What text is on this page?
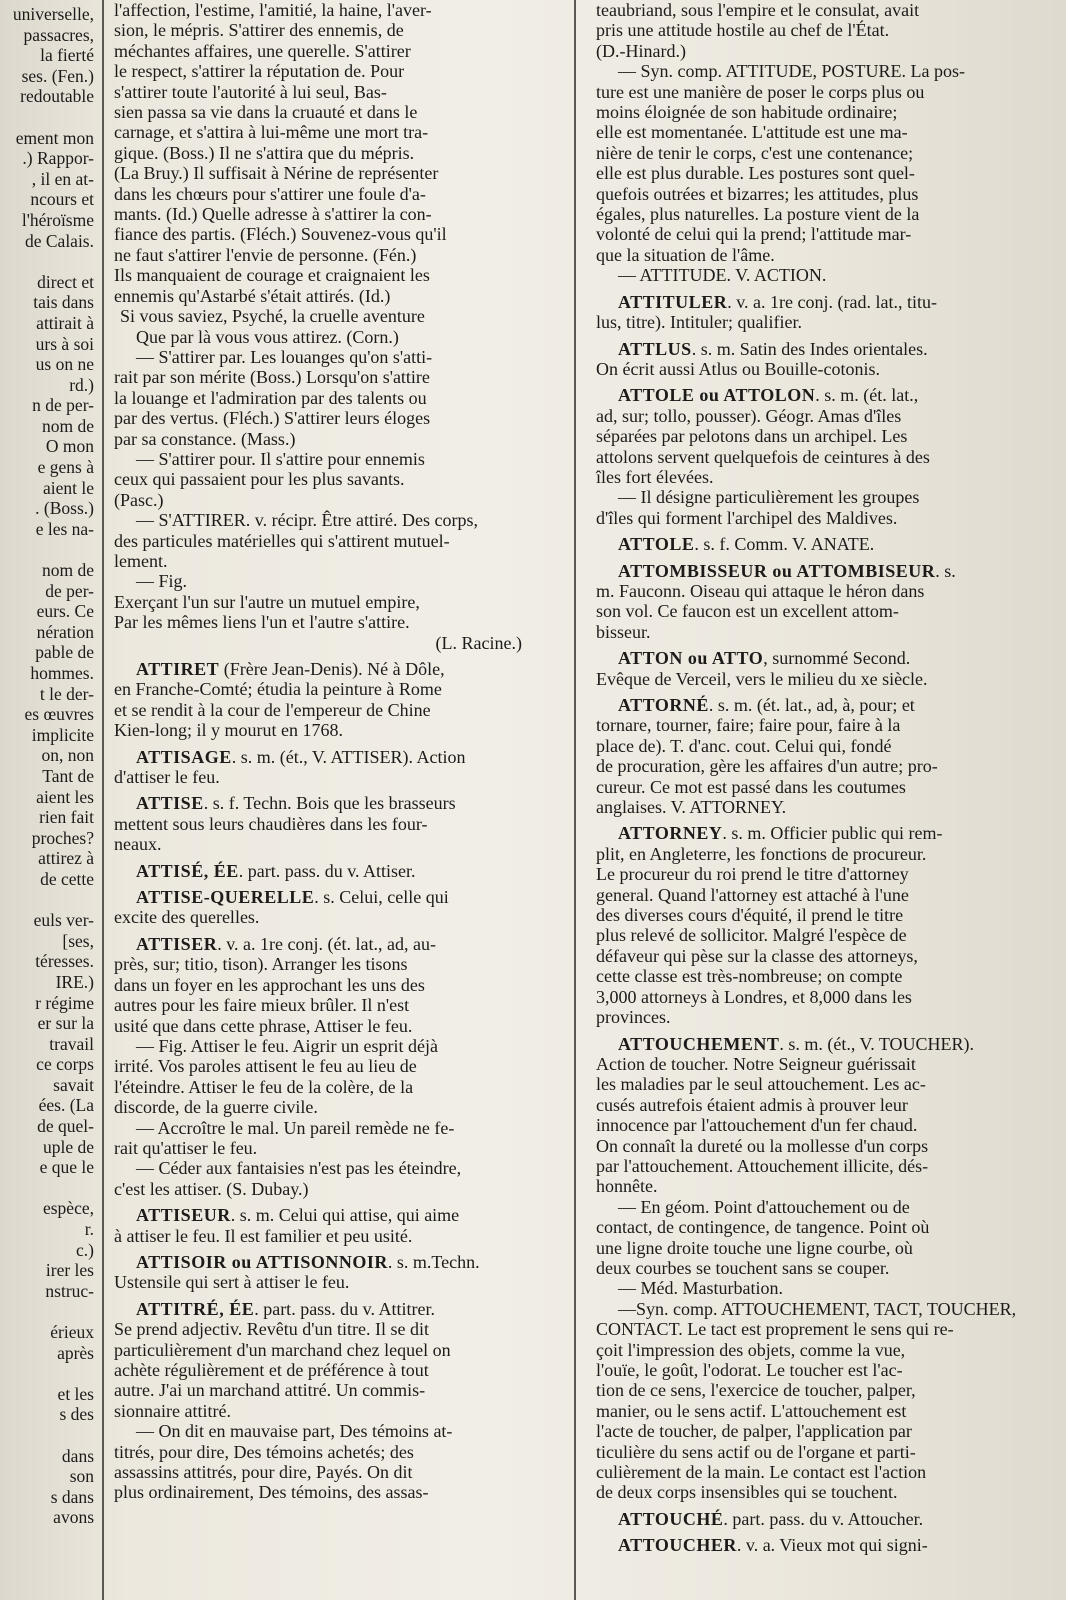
universelle,
passacres,
la fierté
ses. (Fen.)
redoutable

ement mon
.) Rappor-
, il en at-
ncours et
l'héroïsme
de Calais.

direct et
tais dans
attirait à
urs à soi
us on ne
rd.)
n de per-
nom de
O mon
e gens à
aient le
. (Boss.)
e les na-

nom de
de per-
eurs. Ce
nération
pable de
hommes.
t le der-
es œuvres
implicite
on, non
Tant de
aient les
rien fait
proches?
attirez à
de cette

euls ver-
[ses,
téresses.
IRE.)
r régime
er sur la
travail
ce corps
savait
ées. (La
de quel-
uple de
e que le

espèce,
r.
c.)
irer les
nstruc-

érieux
après

et les
s des

dans
son
s dans
avons
l'affection, l'estime, l'amitié, la haine, l'aver-
sion, le mépris. S'attirer des ennemis, de
méchantes affaires, une querelle. S'attirer
le respect, s'attirer la réputation de. Pour
s'attirer toute l'autorité à lui seul, Bas-
sien passa sa vie dans la cruauté et dans le
carnage, et s'attira à lui-même une mort tra-
gique. (Boss.) Il ne s'attira que du mépris.
(La Bruy.) Il suffisait à Nérine de représenter
dans les chœurs pour s'attirer une foule d'a-
mants. (Id.) Quelle adresse à s'attirer la con-
fiance des partis. (Fléch.) Souvenez-vous qu'il
ne faut s'attirer l'envie de personne. (Fén.)
Ils manquaient de courage et craignaient les
ennemis qu'Astarbé s'était attirés. (Id.)
Si vous saviez, Psyché, la cruelle aventure
Que par là vous vous attirez. (Corn.)
— S'attirer par. Les louanges qu'on s'atti-
rait par son mérite (Boss.) Lorsqu'on s'attire
la louange et l'admiration par des talents ou
par des vertus. (Fléch.) S'attirer leurs éloges
par sa constance. (Mass.)
— S'attirer pour. Il s'attire pour ennemis
ceux qui passaient pour les plus savants.
(Pasc.)
— S'ATTIRER. v. récipr. Être attiré. Des corps,
des particules matérielles qui s'attirent mutuel-
lement.
— Fig.
Exerçant l'un sur l'autre un mutuel empire,
Par les mêmes liens l'un et l'autre s'attire.
(L. Racine.)
ATTIRET (Frère Jean-Denis). Né à Dôle,
en Franche-Comté; étudia la peinture à Rome
et se rendit à la cour de l'empereur de Chine
Kien-long; il y mourut en 1768.
ATTISAGE. s. m. (ét., V. ATTISER). Action
d'attiser le feu.
ATTISE. s. f. Techn. Bois que les brasseurs
mettent sous leurs chaudières dans les four-
neaux.
ATTISÉ, ÉE. part. pass. du v. Attiser.
ATTISE-QUERELLE. s. Celui, celle qui
excite des querelles.
ATTISER. v. a. 1re conj. (ét. lat., ad, au-
près, sur; titio, tison). Arranger les tisons
dans un foyer en les approchant les uns des
autres pour les faire mieux brûler. Il n'est
usité que dans cette phrase, Attiser le feu.
— Fig. Attiser le feu. Aigrir un esprit déjà
irrité. Vos paroles attisent le feu au lieu de
l'éteindre. Attiser le feu de la colère, de la
discorde, de la guerre civile.
— Accroître le mal. Un pareil remède ne fe-
rait qu'attiser le feu.
— Céder aux fantaisies n'est pas les éteindre,
c'est les attiser. (S. Dubay.)
ATTISEUR. s. m. Celui qui attise, qui aime
à attiser le feu. Il est familier et peu usité.
ATTISOIR ou ATTISONNOIR. s. m.Techn.
Ustensile qui sert à attiser le feu.
ATTITRÉ, ÉE. part. pass. du v. Attitrer.
Se prend adjectiv. Revêtu d'un titre. Il se dit
particulièrement d'un marchand chez lequel on
achète régulièrement et de préférence à tout
autre. J'ai un marchand attitré. Un commis-
sionnaire attitré.
— On dit en mauvaise part, Des témoins at-
titrés, pour dire, Des témoins achetés; des
assassins attitrés, pour dire, Payés. On dit
plus ordinairement, Des témoins, des assas-
teaubriand, sous l'empire et le consulat, avait
pris une attitude hostile au chef de l'État.
(D.-Hinard.)
— Syn. comp. ATTITUDE, POSTURE. La pos-
ture est une manière de poser le corps plus ou
moins éloignée de son habitude ordinaire;
elle est momentanée. L'attitude est une ma-
nière de tenir le corps, c'est une contenance;
elle est plus durable. Les postures sont quel-
quefois outrées et bizarres; les attitudes, plus
égales, plus naturelles. La posture vient de la
volonté de celui qui la prend; l'attitude mar-
que la situation de l'âme.
— ATTITUDE. V. ACTION.
ATTITULER. v. a. 1re conj. (rad. lat., titu-
lus, titre). Intituler; qualifier.
ATTLUS. s. m. Satin des Indes orientales.
On écrit aussi Atlus ou Bouille-cotonis.
ATTOLE ou ATTOLON. s. m. (ét. lat.,
ad, sur; tollo, pousser). Géogr. Amas d'îles
séparées par pelotons dans un archipel. Les
attolons servent quelquefois de ceintures à des
îles fort élevées.
— Il désigne particulièrement les groupes
d'îles qui forment l'archipel des Maldives.
ATTOLE. s. f. Comm. V. ANATE.
ATTOMBISSEUR ou ATTOMBISEUR. s.
m. Fauconn. Oiseau qui attaque le héron dans
son vol. Ce faucon est un excellent attom-
bisseur.
ATTON ou ATTO, surnommé Second.
Evêque de Verceil, vers le milieu du xe siècle.
ATTORNÉ. s. m. (ét. lat., ad, à, pour; et
tornare, tourner, faire; faire pour, faire à la
place de). T. d'anc. cout. Celui qui, fondé
de procuration, gère les affaires d'un autre; pro-
cureur. Ce mot est passé dans les coutumes
anglaises. V. ATTORNEY.
ATTORNEY. s. m. Officier public qui rem-
plit, en Angleterre, les fonctions de procureur.
Le procureur du roi prend le titre d'attorney
general. Quand l'attorney est attaché à l'une
des diverses cours d'équité, il prend le titre
plus relevé de sollicitor. Malgré l'espèce de
défaveur qui pèse sur la classe des attorneys,
cette classe est très-nombreuse; on compte
3,000 attorneys à Londres, et 8,000 dans les
provinces.
ATTOUCHEMENT. s. m. (ét., V. TOUCHER).
Action de toucher. Notre Seigneur guérissait
les maladies par le seul attouchement. Les ac-
cusés autrefois étaient admis à prouver leur
innocence par l'attouchement d'un fer chaud.
On connaît la dureté ou la mollesse d'un corps
par l'attouchement. Attouchement illicite, dés-
honnête.
— En géom. Point d'attouchement ou de
contact, de contingence, de tangence. Point où
une ligne droite touche une ligne courbe, où
deux courbes se touchent sans se couper.
— Méd. Masturbation.
—Syn. comp. ATTOUCHEMENT, TACT, TOUCHER,
CONTACT. Le tact est proprement le sens qui re-
çoit l'impression des objets, comme la vue,
l'ouïe, le goût, l'odorat. Le toucher est l'ac-
tion de ce sens, l'exercice de toucher, palper,
manier, ou le sens actif. L'attouchement est
l'acte de toucher, de palper, l'application par
ticulière du sens actif ou de l'organe et parti-
culièrement de la main. Le contact est l'action
de deux corps insensibles qui se touchent.
ATTOUCHÉ. part. pass. du v. Attoucher.
ATTOUCHER. v. a. Vieux mot qui signi-
